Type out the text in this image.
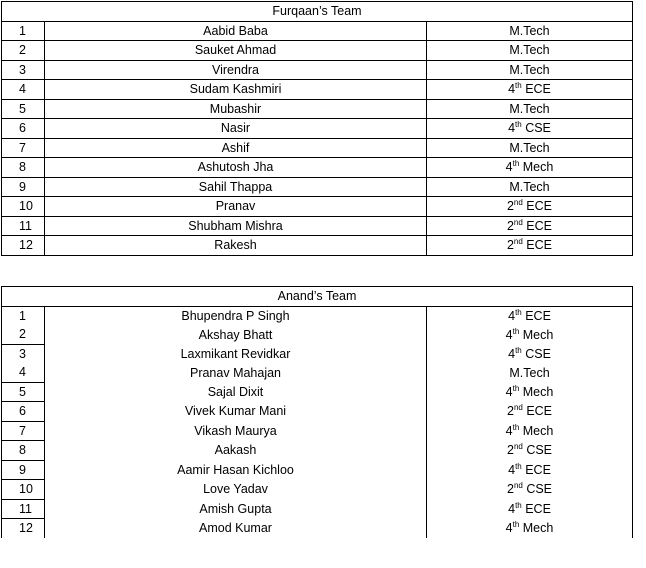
Furqaan’s Team		
1	Aabid Baba	M.Tech
2	Sauket Ahmad	M.Tech
3	Virendra	M.Tech
4	Sudam Kashmiri	4th ECE
5	Mubashir	M.Tech
6	Nasir	4th CSE
7	Ashif	M.Tech
8	Ashutosh Jha	4th Mech
9	Sahil Thappa	M.Tech
10	Pranav	2nd ECE
11	Shubham Mishra	2nd ECE
12	Rakesh	2nd ECE
Anand’s Team		
1	Bhupendra P Singh	4th ECE
2	Akshay Bhatt	4th Mech
3	Laxmikant Revidkar	4th CSE
4	Pranav Mahajan	M.Tech
5	Sajal Dixit	4th Mech
6	Vivek Kumar Mani	2nd ECE
7	Vikash Maurya	4th Mech
8	Aakash	2nd CSE
9	Aamir Hasan Kichloo	4th ECE
10	Love Yadav	2nd CSE
11	Amish Gupta	4th ECE
12	Amod Kumar	4th Mech
